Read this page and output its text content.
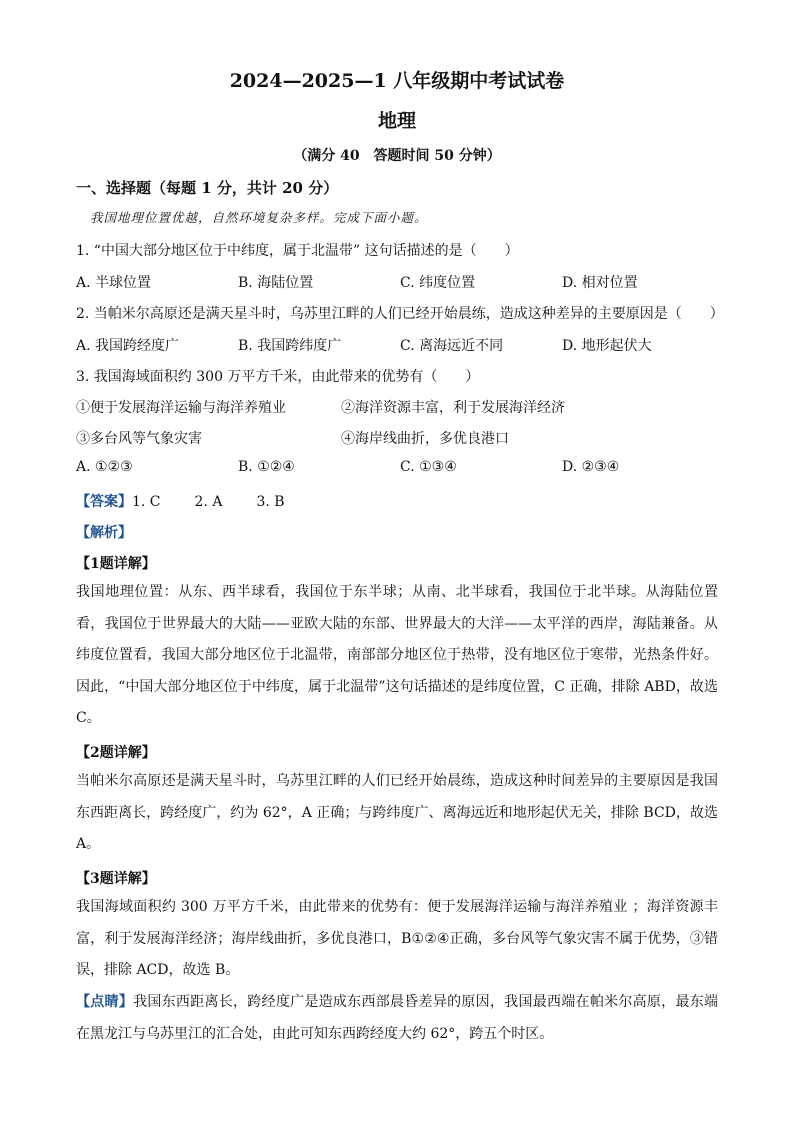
2024—2025—1 八年级期中考试试卷
地理
（满分 40　答题时间 50 分钟）
一、选择题（每题 1 分，共计 20 分）
我国地理位置优越，自然环境复杂多样。完成下面小题。
1. “中国大部分地区位于中纬度，属于北温带” 这句话描述的是（　　）
A. 半球位置	B. 海陆位置	C. 纬度位置	D. 相对位置
2. 当帕米尔高原还是满天星斗时，乌苏里江畔的人们已经开始晨练，造成这种差异的主要原因是（　　）
A. 我国跨经度广	B. 我国跨纬度广	C. 离海远近不同	D. 地形起伏大
3. 我国海域面积约 300 万平方千米，由此带来的优势有（　　）
①便于发展海洋运输与海洋养殖业	②海洋资源丰富，利于发展海洋经济
③多台风等气象灾害	④海岸线曲折，多优良港口
A. ①②③	B. ①②④	C. ①③④	D. ②③④
【答案】1. C 2. A 3. B
【解析】
【1题详解】
我国地理位置：从东、西半球看，我国位于东半球；从南、北半球看，我国位于北半球。从海陆位置看，我国位于世界最大的大陆——亚欧大陆的东部、世界最大的大洋——太平洋的西岸，海陆兼备。从纬度位置看，我国大部分地区位于北温带，南部部分地区位于热带，没有地区位于寒带，光热条件好。因此，“中国大部分地区位于中纬度，属于北温带”这句话描述的是纬度位置，C 正确，排除 ABD，故选 C。
【2题详解】
当帕米尔高原还是满天星斗时，乌苏里江畔的人们已经开始晨练，造成这种时间差异的主要原因是我国东西距离长，跨经度广，约为 62°，A 正确；与跨纬度广、离海远近和地形起伏无关，排除 BCD，故选 A。
【3题详解】
我国海域面积约 300 万平方千米，由此带来的优势有：便于发展海洋运输与海洋养殖业 ；海洋资源丰富，利于发展海洋经济；海岸线曲折，多优良港口，B①②④正确，多台风等气象灾害不属于优势，③错误，排除 ACD，故选 B。
【点睛】我国东西距离长，跨经度广是造成东西部晨昏差异的原因，我国最西端在帕米尔高原，最东端在黑龙江与乌苏里江的汇合处，由此可知东西跨经度大约 62°，跨五个时区。
